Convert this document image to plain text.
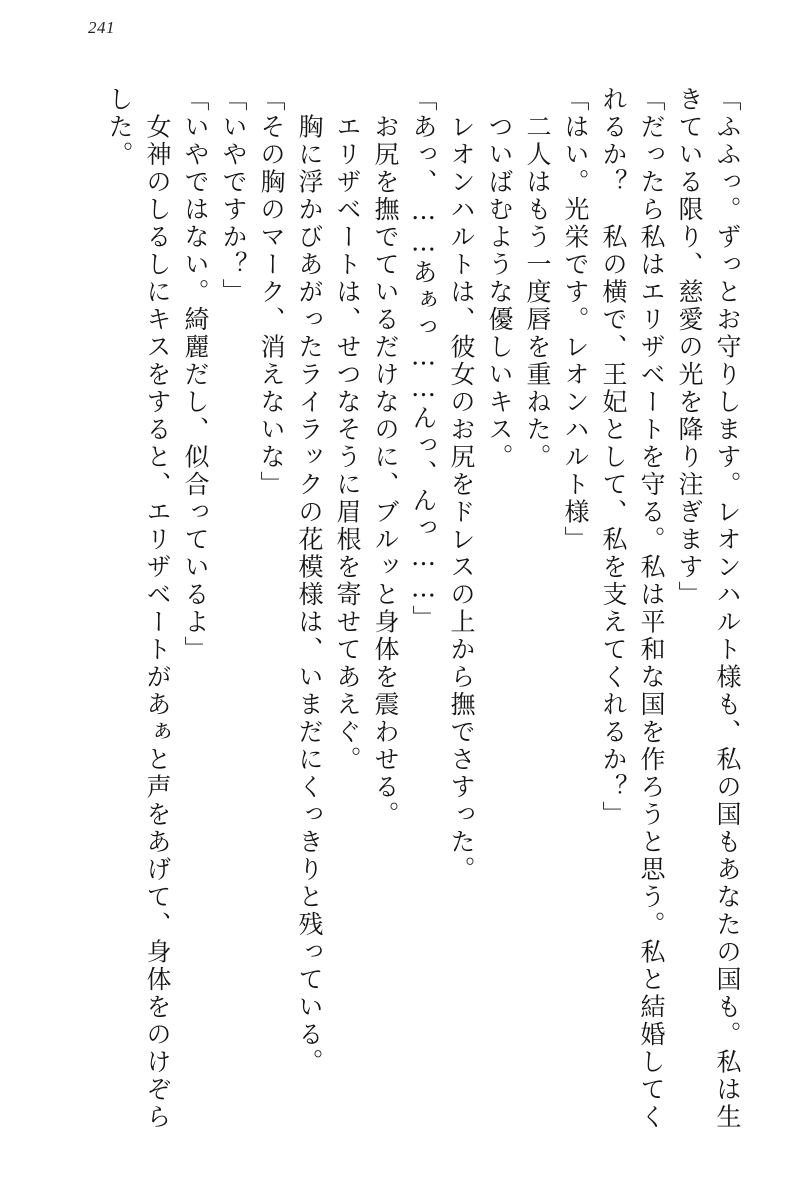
241
「ふふっ。ずっとお守りします。レオンハルト様も、私の国もあなたの国も。私は生
きている限り、慈愛の光を降り注ぎます」
「だったら私はエリザベートを守る。私は平和な国を作ろうと思う。私と結婚してく
れるか？　私の横で、王妃として、私を支えてくれるか？」
「はい。光栄です。レオンハルト様」
　二人はもう一度唇を重ねた。
　ついばむような優しいキス。
　レオンハルトは、彼女のお尻をドレスの上から撫でさすった。
「あっ、……あぁっ……んっ、んっ……」
　お尻を撫でているだけなのに、ブルッと身体を震わせる。
　エリザベートは、せつなそうに眉根を寄せてあえぐ。
　胸に浮かびあがったライラックの花模様は、いまだにくっきりと残っている。
「その胸のマーク、消えないな」
「いやですか？」
「いやではない。綺麗だし、似合っているよ」
　女神のしるしにキスをすると、エリザベートがあぁと声をあげて、身体をのけぞら
した。
